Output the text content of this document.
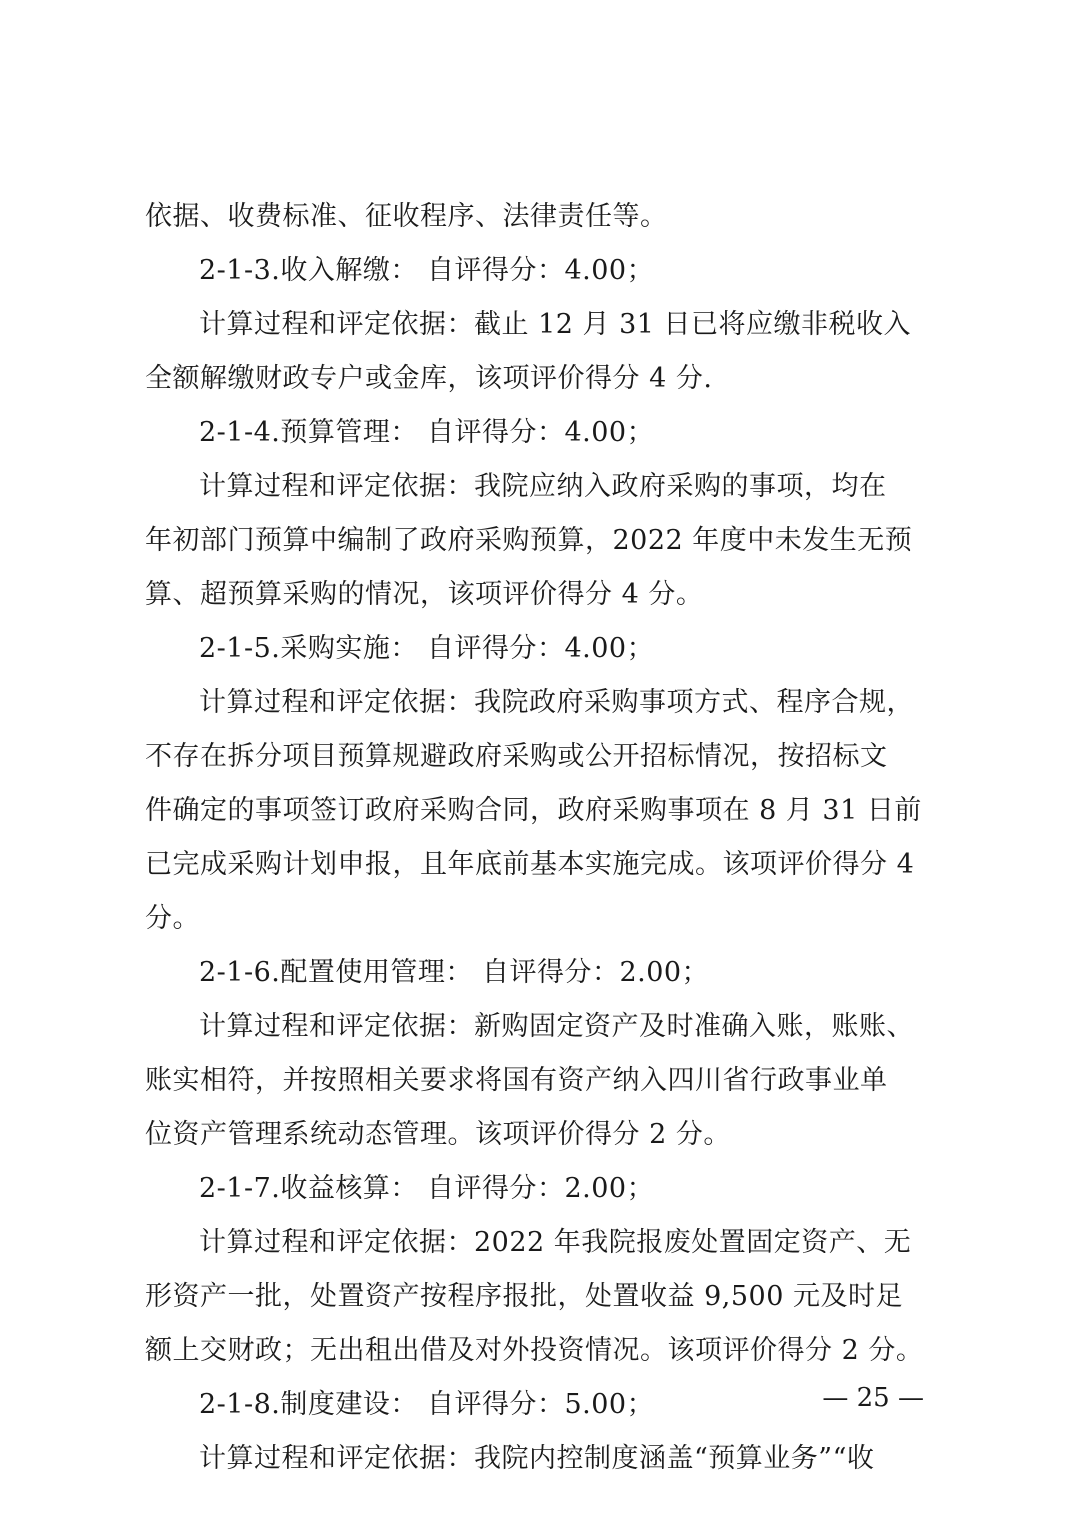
依据、收费标准、征收程序、法律责任等。
2-1-3.收入解缴： 自评得分：4.00；
计算过程和评定依据：截止 12 月 31 日已将应缴非税收入
全额解缴财政专户或金库，该项评价得分 4 分.
2-1-4.预算管理： 自评得分：4.00；
计算过程和评定依据：我院应纳入政府采购的事项，均在
年初部门预算中编制了政府采购预算，2022 年度中未发生无预
算、超预算采购的情况，该项评价得分 4 分。
2-1-5.采购实施： 自评得分：4.00；
计算过程和评定依据：我院政府采购事项方式、程序合规，
不存在拆分项目预算规避政府采购或公开招标情况，按招标文
件确定的事项签订政府采购合同，政府采购事项在 8 月 31 日前
已完成采购计划申报，且年底前基本实施完成。该项评价得分 4
分。
2-1-6.配置使用管理： 自评得分：2.00；
计算过程和评定依据：新购固定资产及时准确入账，账账、
账实相符，并按照相关要求将国有资产纳入四川省行政事业单
位资产管理系统动态管理。该项评价得分 2 分。
2-1-7.收益核算： 自评得分：2.00；
计算过程和评定依据：2022 年我院报废处置固定资产、无
形资产一批，处置资产按程序报批，处置收益 9,500 元及时足
额上交财政；无出租出借及对外投资情况。该项评价得分 2 分。
2-1-8.制度建设： 自评得分：5.00；
计算过程和评定依据：我院内控制度涵盖“预算业务”“收
— 25 —
